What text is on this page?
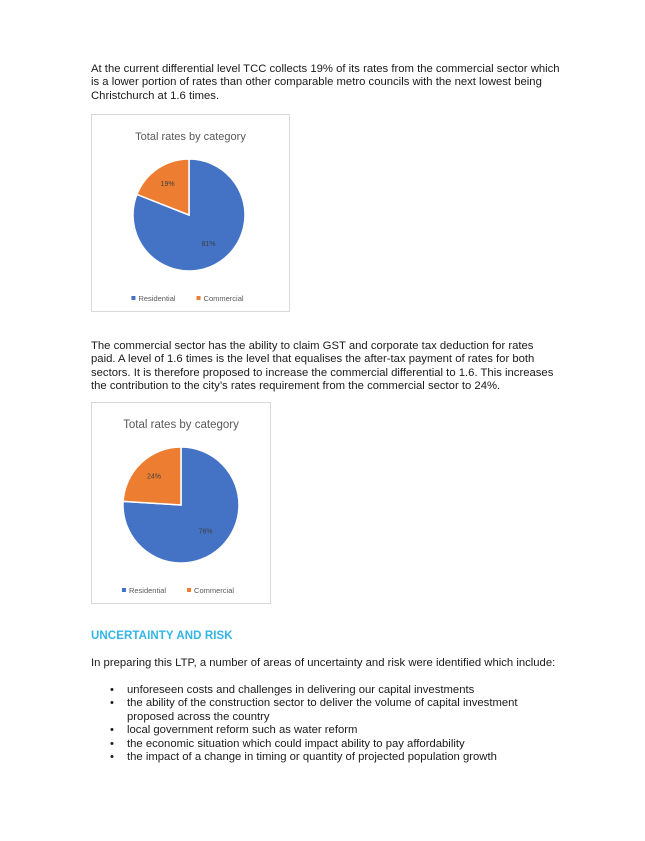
At the current differential level TCC collects 19% of its rates from the commercial sector which is a lower portion of rates than other comparable metro councils with the next lowest being Christchurch at 1.6 times.

Total rates by category
81%
19%
Residential	Commercial

The commercial sector has the ability to claim GST and corporate tax deduction for rates paid. A level of 1.6 times is the level that equalises the after-tax payment of rates for both sectors. It is therefore proposed to increase the commercial differential to 1.6. This increases the contribution to the city’s rates requirement from the commercial sector to 24%.

Total rates by category
76%
24%
Residential	Commercial
UNCERTAINTY AND RISK

In preparing this LTP, a number of areas of uncertainty and risk were identified which include:

• unforeseen costs and challenges in delivering our capital investments
• the ability of the construction sector to deliver the volume of capital investment proposed across the country
• local government reform such as water reform
• the economic situation which could impact ability to pay affordability
• the impact of a change in timing or quantity of projected population growth
